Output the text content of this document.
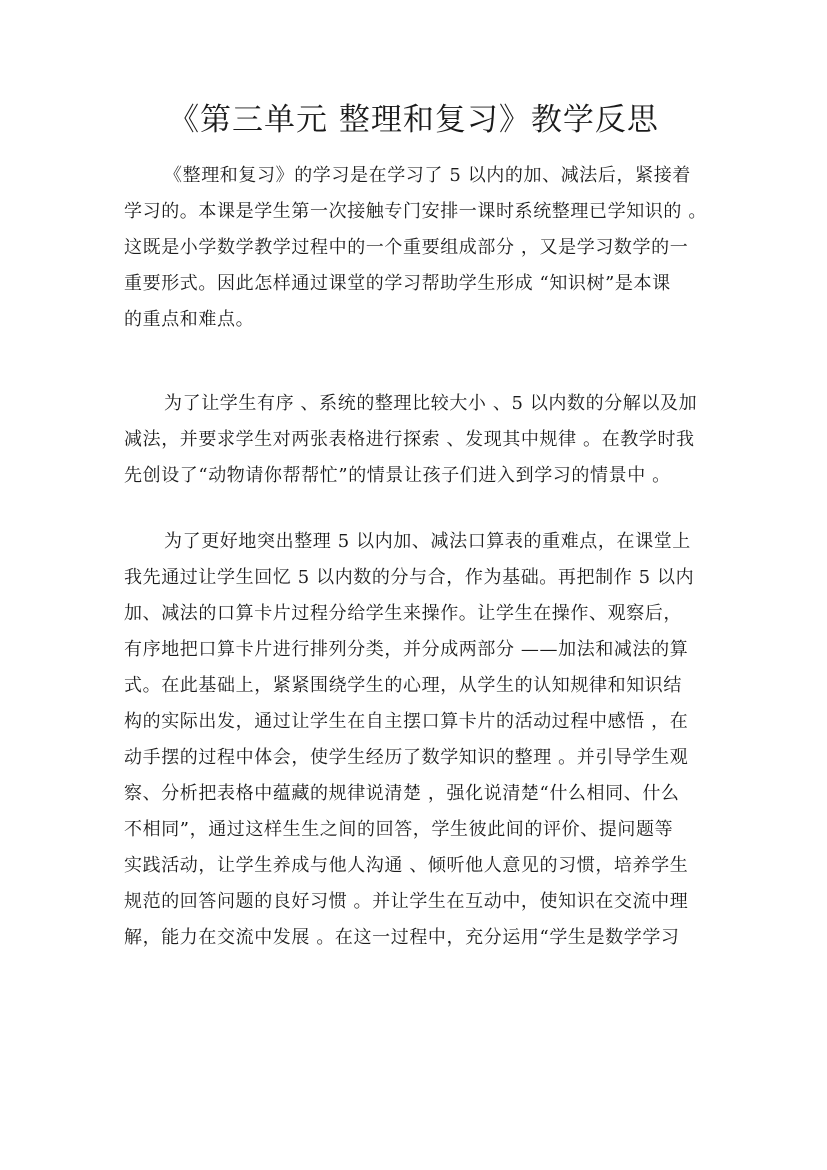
《第三单元 整理和复习》教学反思
《整理和复习》的学习是在学习了 5 以内的加、减法后，紧接着
学习的。本课是学生第一次接触专门安排一课时系统整理已学知识的 。
这既是小学数学教学过程中的一个重要组成部分 ，又是学习数学的一
重要形式。因此怎样通过课堂的学习帮助学生形成 “知识树”是本课
的重点和难点。
为了让学生有序 、系统的整理比较大小 、5 以内数的分解以及加
减法，并要求学生对两张表格进行探索 、发现其中规律 。在教学时我
先创设了“动物请你帮帮忙”的情景让孩子们进入到学习的情景中 。
为了更好地突出整理 5 以内加、减法口算表的重难点，在课堂上
我先通过让学生回忆 5 以内数的分与合，作为基础。再把制作 5 以内
加、减法的口算卡片过程分给学生来操作。让学生在操作、观察后，
有序地把口算卡片进行排列分类，并分成两部分 ——加法和减法的算
式。在此基础上，紧紧围绕学生的心理，从学生的认知规律和知识结
构的实际出发，通过让学生在自主摆口算卡片的活动过程中感悟 ，在
动手摆的过程中体会，使学生经历了数学知识的整理 。并引导学生观
察、分析把表格中蕴藏的规律说清楚 ，强化说清楚“什么相同、什么
不相同”，通过这样生生之间的回答，学生彼此间的评价、提问题等
实践活动，让学生养成与他人沟通 、倾听他人意见的习惯，培养学生
规范的回答问题的良好习惯 。并让学生在互动中，使知识在交流中理
解，能力在交流中发展 。在这一过程中，充分运用“学生是数学学习
